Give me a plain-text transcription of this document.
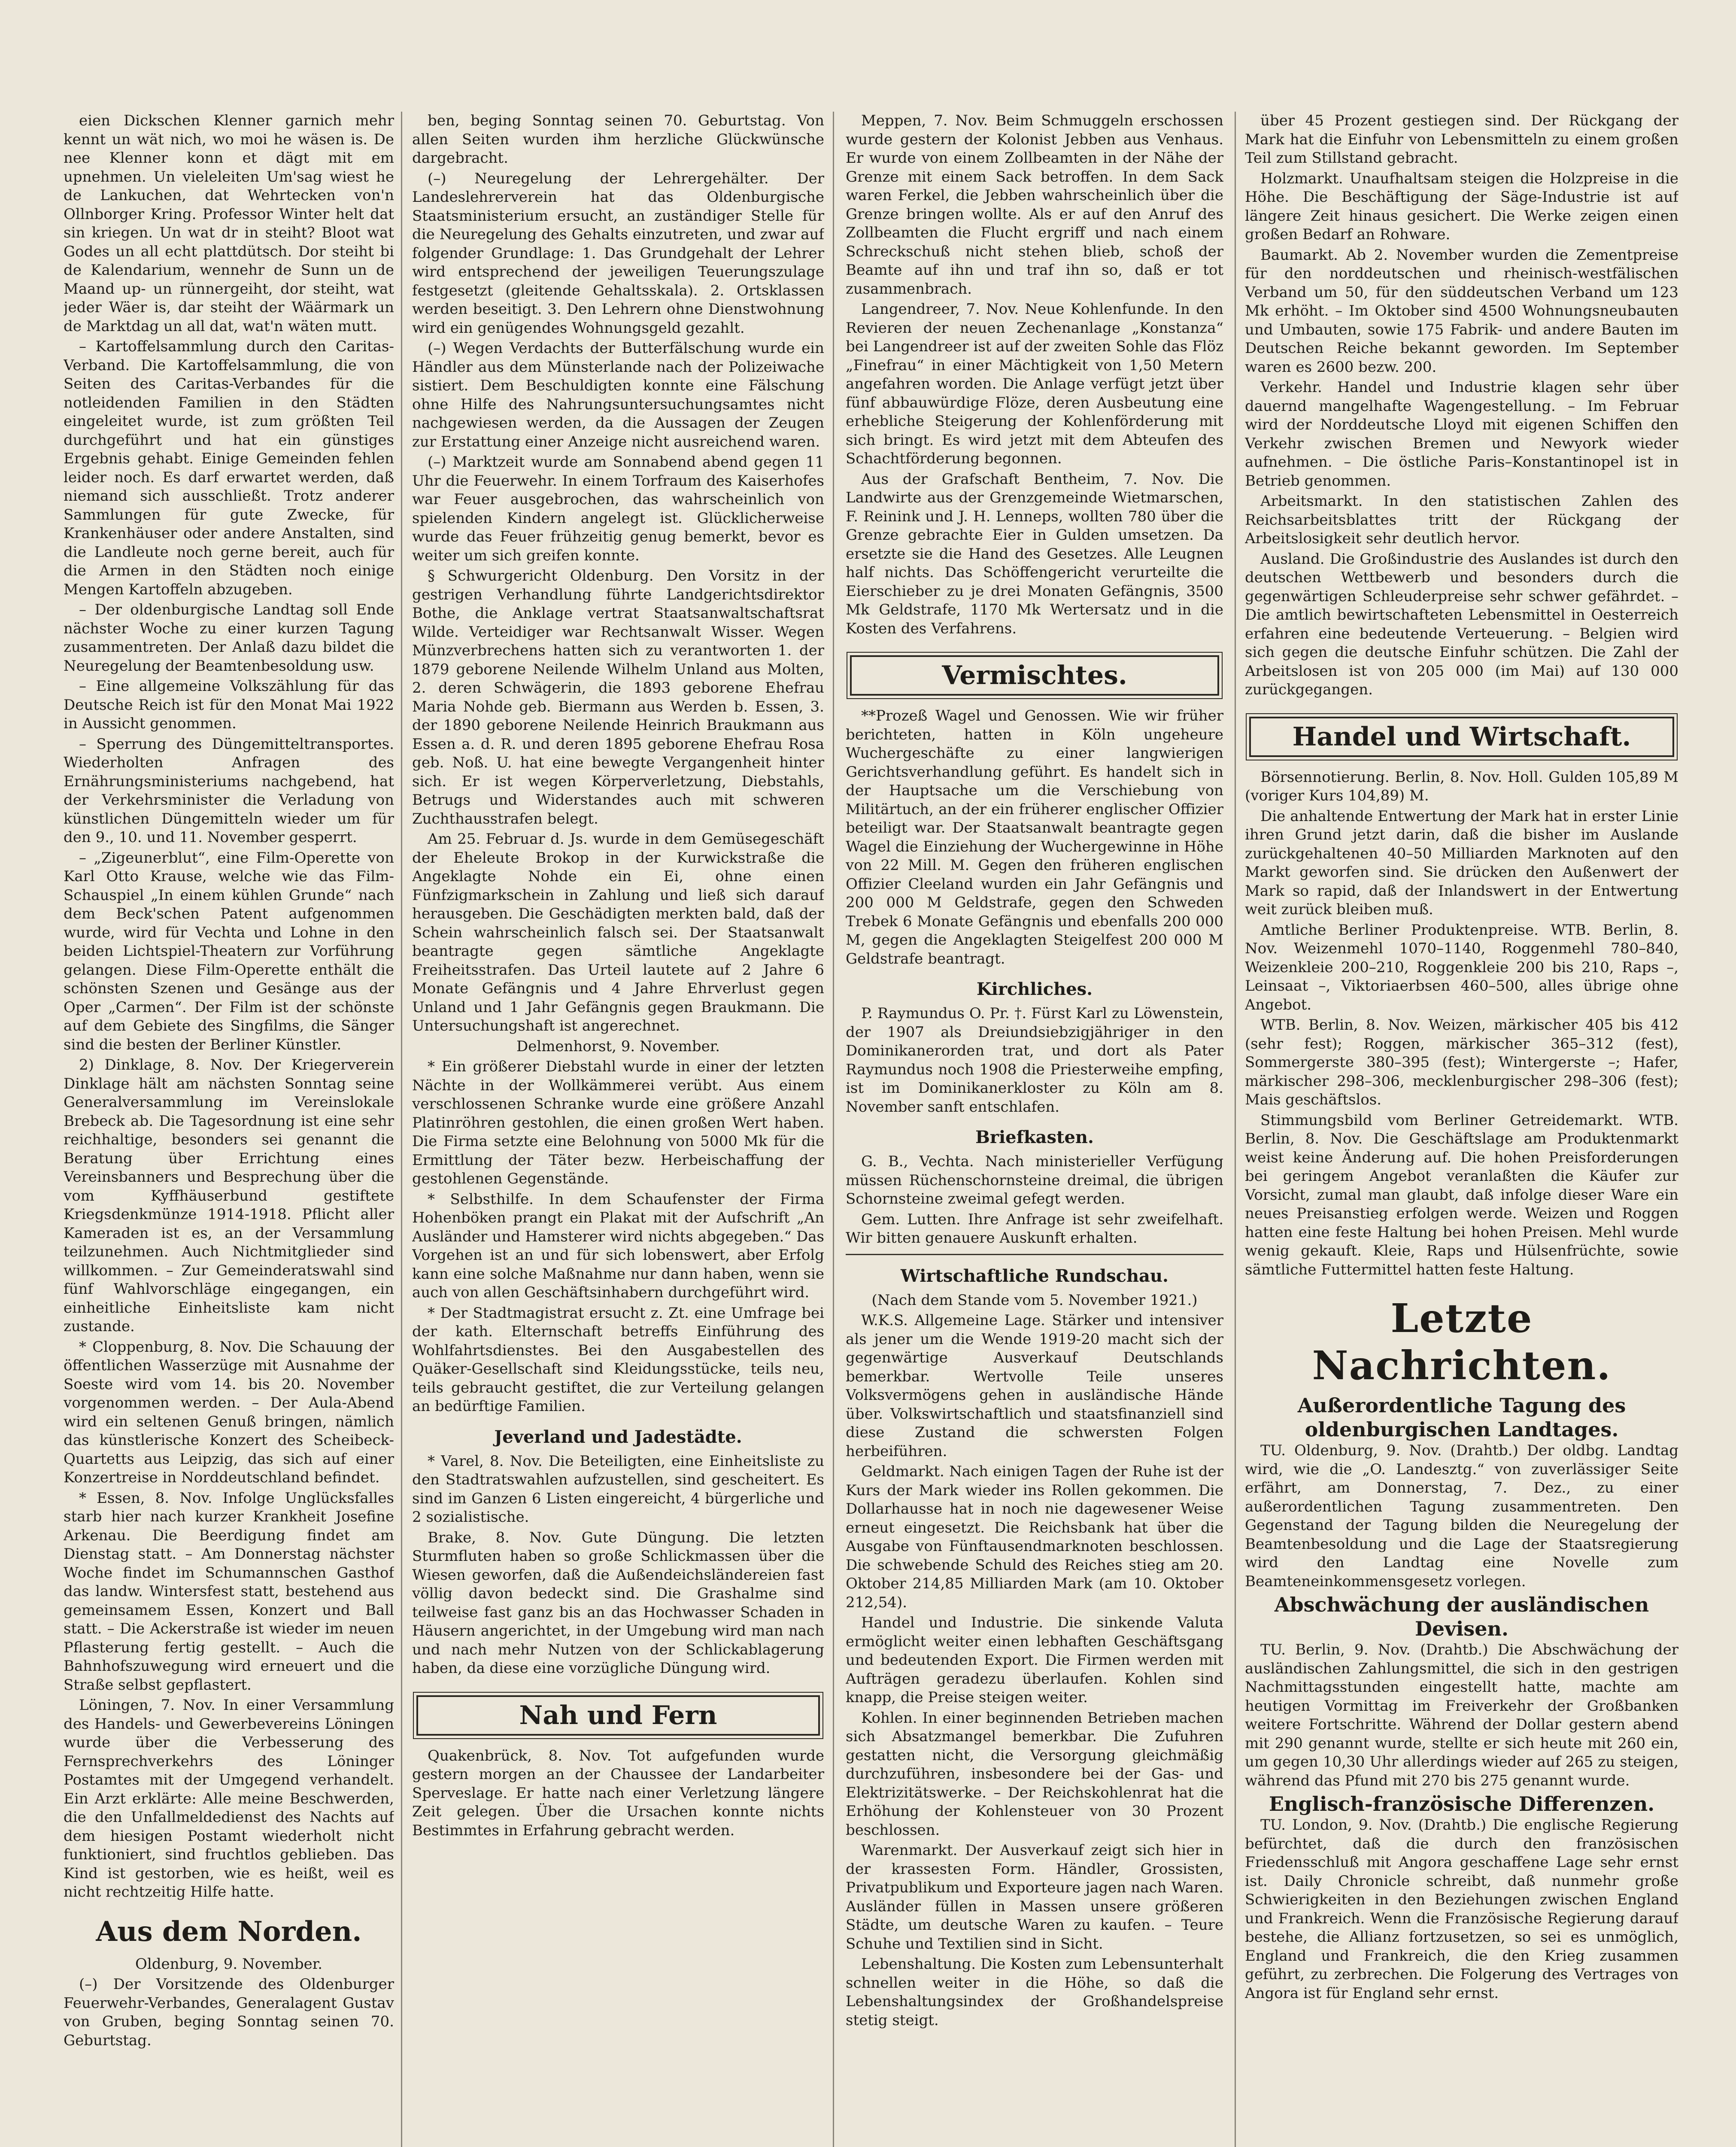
eien Dickschen Klenner garnich mehr kennt un wät nich, wo moi he wäsen is. De nee Klenner konn et dägt mit em upnehmen. Un vieleleiten Um'sag wiest he de Lankuchen, dat Wehrtecken von'n Ollnborger Kring. Professor Winter helt dat sin kriegen. Un wat dr in steiht? Bloot wat Godes un all echt plattdütsch. Dor steiht bi de Kalendarium, wennehr de Sunn un de Maand up- un rünnergeiht, dor steiht, wat jeder Wäer is, dar steiht der Wäärmark un de Marktdag un all dat, wat'n wäten mutt.

– Kartoffelsammlung durch den Caritas-Verband. Die Kartoffelsammlung, die von Seiten des Caritas-Verbandes für die notleidenden Familien in den Städten eingeleitet wurde, ist zum größten Teil durchgeführt und hat ein günstiges Ergebnis gehabt. Einige Gemeinden fehlen leider noch. Es darf erwartet werden, daß niemand sich ausschließt. Trotz anderer Sammlungen für gute Zwecke, für Krankenhäuser oder andere Anstalten, sind die Landleute noch gerne bereit, auch für die Armen in den Städten noch einige Mengen Kartoffeln abzugeben.

– Der oldenburgische Landtag soll Ende nächster Woche zu einer kurzen Tagung zusammentreten. Der Anlaß dazu bildet die Neuregelung der Beamtenbesoldung usw.

– Eine allgemeine Volkszählung für das Deutsche Reich ist für den Monat Mai 1922 in Aussicht genommen.

– Sperrung des Düngemitteltransportes. Wiederholten Anfragen des Ernährungsministeriums nachgebend, hat der Verkehrsminister die Verladung von künstlichen Düngemitteln wieder um für den 9., 10. und 11. November gesperrt.

– „Zigeunerblut“, eine Film-Operette von Karl Otto Krause, welche wie das Film-Schauspiel „In einem kühlen Grunde“ nach dem Beck'schen Patent aufgenommen wurde, wird für Vechta und Lohne in den beiden Lichtspiel-Theatern zur Vorführung gelangen. Diese Film-Operette enthält die schönsten Szenen und Gesänge aus der Oper „Carmen“. Der Film ist der schönste auf dem Gebiete des Singfilms, die Sänger sind die besten der Berliner Künstler.

2) Dinklage, 8. Nov. Der Kriegerverein Dinklage hält am nächsten Sonntag seine Generalversammlung im Vereinslokale Brebeck ab. Die Tagesordnung ist eine sehr reichhaltige, besonders sei genannt die Beratung über Errichtung eines Vereinsbanners und Besprechung über die vom Kyffhäuserbund gestiftete Kriegsdenkmünze 1914-1918. Pflicht aller Kameraden ist es, an der Versammlung teilzunehmen. Auch Nichtmitglieder sind willkommen. – Zur Gemeinderatswahl sind fünf Wahlvorschläge eingegangen, ein einheitliche Einheitsliste kam nicht zustande.

* Cloppenburg, 8. Nov. Die Schauung der öffentlichen Wasserzüge mit Ausnahme der Soeste wird vom 14. bis 20. November vorgenommen werden. – Der Aula-Abend wird ein seltenen Genuß bringen, nämlich das künstlerische Konzert des Scheibeck-Quartetts aus Leipzig, das sich auf einer Konzertreise in Norddeutschland befindet.

* Essen, 8. Nov. Infolge Unglücksfalles starb hier nach kurzer Krankheit Josefine Arkenau. Die Beerdigung findet am Dienstag statt. – Am Donnerstag nächster Woche findet im Schumannschen Gasthof das landw. Wintersfest statt, bestehend aus gemeinsamem Essen, Konzert und Ball statt. – Die Ackerstraße ist wieder im neuen Pflasterung fertig gestellt. – Auch die Bahnhofszuwegung wird erneuert und die Straße selbst gepflastert.

Löningen, 7. Nov. In einer Versammlung des Handels- und Gewerbevereins Löningen wurde über die Verbesserung des Fernsprechverkehrs des Löninger Postamtes mit der Umgegend verhandelt. Ein Arzt erklärte: Alle meine Beschwerden, die den Unfallmeldedienst des Nachts auf dem hiesigen Postamt wiederholt nicht funktioniert, sind fruchtlos geblieben. Das Kind ist gestorben, wie es heißt, weil es nicht rechtzeitig Hilfe hatte.

Aus dem Norden.
Oldenburg, 9. November.

(–) Der Vorsitzende des Oldenburger Feuerwehr-Verbandes, Generalagent Gustav von Gruben, beging Sonntag seinen 70. Geburtstag.

ben, beging Sonntag seinen 70. Geburtstag. Von allen Seiten wurden ihm herzliche Glückwünsche dargebracht.

(–) Neuregelung der Lehrergehälter. Der Landeslehrerverein hat das Oldenburgische Staatsministerium ersucht, an zuständiger Stelle für die Neuregelung des Gehalts einzutreten, und zwar auf folgender Grundlage: 1. Das Grundgehalt der Lehrer wird entsprechend der jeweiligen Teuerungszulage festgesetzt (gleitende Gehaltsskala). 2. Ortsklassen werden beseitigt. 3. Den Lehrern ohne Dienstwohnung wird ein genügendes Wohnungsgeld gezahlt.

(–) Wegen Verdachts der Butterfälschung wurde ein Händler aus dem Münsterlande nach der Polizeiwache sistiert. Dem Beschuldigten konnte eine Fälschung ohne Hilfe des Nahrungsuntersuchungsamtes nicht nachgewiesen werden, da die Aussagen der Zeugen zur Erstattung einer Anzeige nicht ausreichend waren.

(–) Marktzeit wurde am Sonnabend abend gegen 11 Uhr die Feuerwehr. In einem Torfraum des Kaiserhofes war Feuer ausgebrochen, das wahrscheinlich von spielenden Kindern angelegt ist. Glücklicherweise wurde das Feuer frühzeitig genug bemerkt, bevor es weiter um sich greifen konnte.

§ Schwurgericht Oldenburg. Den Vorsitz in der gestrigen Verhandlung führte Landgerichtsdirektor Bothe, die Anklage vertrat Staatsanwaltschaftsrat Wilde. Verteidiger war Rechtsanwalt Wisser. Wegen Münzverbrechens hatten sich zu verantworten 1. der 1879 geborene Neilende Wilhelm Unland aus Molten, 2. deren Schwägerin, die 1893 geborene Ehefrau Maria Nohde geb. Biermann aus Werden b. Essen, 3. der 1890 geborene Neilende Heinrich Braukmann aus Essen a. d. R. und deren 1895 geborene Ehefrau Rosa geb. Noß. U. hat eine bewegte Vergangenheit hinter sich. Er ist wegen Körperverletzung, Diebstahls, Betrugs und Widerstandes auch mit schweren Zuchthausstrafen belegt.

Am 25. Februar d. Js. wurde in dem Gemüsegeschäft der Eheleute Brokop in der Kurwickstraße die Angeklagte Nohde ein Ei, ohne einen Fünfzigmarkschein in Zahlung und ließ sich darauf herausgeben. Die Geschädigten merkten bald, daß der Schein wahrscheinlich falsch sei. Der Staatsanwalt beantragte gegen sämtliche Angeklagte Freiheitsstrafen. Das Urteil lautete auf 2 Jahre 6 Monate Gefängnis und 4 Jahre Ehrverlust gegen Unland und 1 Jahr Gefängnis gegen Braukmann. Die Untersuchungshaft ist angerechnet.

Delmenhorst, 9. November.

* Ein größerer Diebstahl wurde in einer der letzten Nächte in der Wollkämmerei verübt. Aus einem verschlossenen Schranke wurde eine größere Anzahl Platinröhren gestohlen, die einen großen Wert haben. Die Firma setzte eine Belohnung von 5000 Mk für die Ermittlung der Täter bezw. Herbeischaffung der gestohlenen Gegenstände.

* Selbsthilfe. In dem Schaufenster der Firma Hohenböken prangt ein Plakat mit der Aufschrift „An Ausländer und Hamsterer wird nichts abgegeben.“ Das Vorgehen ist an und für sich lobenswert, aber Erfolg kann eine solche Maßnahme nur dann haben, wenn sie auch von allen Geschäftsinhabern durchgeführt wird.

* Der Stadtmagistrat ersucht z. Zt. eine Umfrage bei der kath. Elternschaft betreffs Einführung des Wohlfahrtsdienstes. Bei den Ausgabestellen des Quäker-Gesellschaft sind Kleidungsstücke, teils neu, teils gebraucht gestiftet, die zur Verteilung gelangen an bedürftige Familien.

Jeverland und Jadestädte.

* Varel, 8. Nov. Die Beteiligten, eine Einheitsliste zu den Stadtratswahlen aufzustellen, sind gescheitert. Es sind im Ganzen 6 Listen eingereicht, 4 bürgerliche und 2 sozialistische.

Brake, 8. Nov. Gute Düngung. Die letzten Sturmfluten haben so große Schlickmassen über die Wiesen geworfen, daß die Außendeichsländereien fast völlig davon bedeckt sind. Die Grashalme sind teilweise fast ganz bis an das Hochwasser Schaden in Häusern angerichtet, in der Umgebung wird man nach und nach mehr Nutzen von der Schlickablagerung haben, da diese eine vorzügliche Düngung wird.

Nah und Fern

Quakenbrück, 8. Nov. Tot aufgefunden wurde gestern morgen an der Chaussee der Landarbeiter Sperveslage. Er hatte nach einer Verletzung längere Zeit gelegen. Über die Ursachen konnte nichts Bestimmtes in Erfahrung gebracht werden.

Meppen, 7. Nov. Beim Schmuggeln erschossen wurde gestern der Kolonist Jebben aus Venhaus. Er wurde von einem Zollbeamten in der Nähe der Grenze mit einem Sack betroffen. In dem Sack waren Ferkel, die Jebben wahrscheinlich über die Grenze bringen wollte. Als er auf den Anruf des Zollbeamten die Flucht ergriff und nach einem Schreckschuß nicht stehen blieb, schoß der Beamte auf ihn und traf ihn so, daß er tot zusammenbrach.

Langendreer, 7. Nov. Neue Kohlenfunde. In den Revieren der neuen Zechenanlage „Konstanza“ bei Langendreer ist auf der zweiten Sohle das Flöz „Finefrau“ in einer Mächtigkeit von 1,50 Metern angefahren worden. Die Anlage verfügt jetzt über fünf abbauwürdige Flöze, deren Ausbeutung eine erhebliche Steigerung der Kohlenförderung mit sich bringt. Es wird jetzt mit dem Abteufen des Schachtförderung begonnen.

Aus der Grafschaft Bentheim, 7. Nov. Die Landwirte aus der Grenzgemeinde Wietmarschen, F. Reinink und J. H. Lenneps, wollten 780 über die Grenze gebrachte Eier in Gulden umsetzen. Da ersetzte sie die Hand des Gesetzes. Alle Leugnen half nichts. Das Schöffengericht verurteilte die Eierschieber zu je drei Monaten Gefängnis, 3500 Mk Geldstrafe, 1170 Mk Wertersatz und in die Kosten des Verfahrens.

Vermischtes.

**Prozeß Wagel und Genossen. Wie wir früher berichteten, hatten in Köln ungeheure Wuchergeschäfte zu einer langwierigen Gerichtsverhandlung geführt. Es handelt sich in der Hauptsache um die Verschiebung von Militärtuch, an der ein früherer englischer Offizier beteiligt war. Der Staatsanwalt beantragte gegen Wagel die Einziehung der Wuchergewinne in Höhe von 22 Mill. M. Gegen den früheren englischen Offizier Cleeland wurden ein Jahr Gefängnis und 200 000 M Geldstrafe, gegen den Schweden Trebek 6 Monate Gefängnis und ebenfalls 200 000 M, gegen die Angeklagten Steigelfest 200 000 M Geldstrafe beantragt.

Kirchliches.

P. Raymundus O. Pr. †. Fürst Karl zu Löwenstein, der 1907 als Dreiundsiebzigjähriger in den Dominikanerorden trat, und dort als Pater Raymundus noch 1908 die Priesterweihe empfing, ist im Dominikanerkloster zu Köln am 8. November sanft entschlafen.

Briefkasten.

G. B., Vechta. Nach ministerieller Verfügung müssen Rüchenschornsteine dreimal, die übrigen Schornsteine zweimal gefegt werden.

Gem. Lutten. Ihre Anfrage ist sehr zweifelhaft. Wir bitten genauere Auskunft erhalten.

Wirtschaftliche Rundschau.
(Nach dem Stande vom 5. November 1921.)

W.K.S. Allgemeine Lage. Stärker und intensiver als jener um die Wende 1919-20 macht sich der gegenwärtige Ausverkauf Deutschlands bemerkbar. Wertvolle Teile unseres Volksvermögens gehen in ausländische Hände über. Volkswirtschaftlich und staatsfinanziell sind diese Zustand die schwersten Folgen herbeiführen.

Geldmarkt. Nach einigen Tagen der Ruhe ist der Kurs der Mark wieder ins Rollen gekommen. Die Dollarhausse hat in noch nie dagewesener Weise erneut eingesetzt. Die Reichsbank hat über die Ausgabe von Fünftausendmarknoten beschlossen. Die schwebende Schuld des Reiches stieg am 20. Oktober 214,85 Milliarden Mark (am 10. Oktober 212,54).

Handel und Industrie. Die sinkende Valuta ermöglicht weiter einen lebhaften Geschäftsgang und bedeutenden Export. Die Firmen werden mit Aufträgen geradezu überlaufen. Kohlen sind knapp, die Preise steigen weiter.

Kohlen. In einer beginnenden Betrieben machen sich Absatzmangel bemerkbar. Die Zufuhren gestatten nicht, die Versorgung gleichmäßig durchzuführen, insbesondere bei der Gas- und Elektrizitätswerke. – Der Reichskohlenrat hat die Erhöhung der Kohlensteuer von 30 Prozent beschlossen.

Warenmarkt. Der Ausverkauf zeigt sich hier in der krassesten Form. Händler, Grossisten, Privatpublikum und Exporteure jagen nach Waren. Ausländer füllen in Massen unsere größeren Städte, um deutsche Waren zu kaufen. – Teure Schuhe und Textilien sind in Sicht.

Lebenshaltung. Die Kosten zum Lebensunterhalt schnellen weiter in die Höhe, so daß die Lebenshaltungsindex der Großhandelspreise stetig steigt.

über 45 Prozent gestiegen sind. Der Rückgang der Mark hat die Einfuhr von Lebensmitteln zu einem großen Teil zum Stillstand gebracht.

Holzmarkt. Unaufhaltsam steigen die Holzpreise in die Höhe. Die Beschäftigung der Säge-Industrie ist auf längere Zeit hinaus gesichert. Die Werke zeigen einen großen Bedarf an Rohware.

Baumarkt. Ab 2. November wurden die Zementpreise für den norddeutschen und rheinisch-westfälischen Verband um 50, für den süddeutschen Verband um 123 Mk erhöht. – Im Oktober sind 4500 Wohnungsneubauten und Umbauten, sowie 175 Fabrik- und andere Bauten im Deutschen Reiche bekannt geworden. Im September waren es 2600 bezw. 200.

Verkehr. Handel und Industrie klagen sehr über dauernd mangelhafte Wagengestellung. – Im Februar wird der Norddeutsche Lloyd mit eigenen Schiffen den Verkehr zwischen Bremen und Newyork wieder aufnehmen. – Die östliche Paris–Konstantinopel ist in Betrieb genommen.

Arbeitsmarkt. In den statistischen Zahlen des Reichsarbeitsblattes tritt der Rückgang der Arbeitslosigkeit sehr deutlich hervor.

Ausland. Die Großindustrie des Auslandes ist durch den deutschen Wettbewerb und besonders durch die gegenwärtigen Schleuderpreise sehr schwer gefährdet. – Die amtlich bewirtschafteten Lebensmittel in Oesterreich erfahren eine bedeutende Verteuerung. – Belgien wird sich gegen die deutsche Einfuhr schützen. Die Zahl der Arbeitslosen ist von 205 000 (im Mai) auf 130 000 zurückgegangen.

Handel und Wirtschaft.

Börsennotierung. Berlin, 8. Nov. Holl. Gulden 105,89 M (voriger Kurs 104,89) M.

Die anhaltende Entwertung der Mark hat in erster Linie ihren Grund jetzt darin, daß die bisher im Auslande zurückgehaltenen 40–50 Milliarden Marknoten auf den Markt geworfen sind. Sie drücken den Außenwert der Mark so rapid, daß der Inlandswert in der Entwertung weit zurück bleiben muß.

Amtliche Berliner Produktenpreise. WTB. Berlin, 8. Nov. Weizenmehl 1070–1140, Roggenmehl 780–840, Weizenkleie 200–210, Roggenkleie 200 bis 210, Raps –, Leinsaat –, Viktoriaerbsen 460–500, alles übrige ohne Angebot.

WTB. Berlin, 8. Nov. Weizen, märkischer 405 bis 412 (sehr fest); Roggen, märkischer 365–312 (fest), Sommergerste 380–395 (fest); Wintergerste –; Hafer, märkischer 298–306, mecklenburgischer 298–306 (fest); Mais geschäftslos.

Stimmungsbild vom Berliner Getreidemarkt. WTB. Berlin, 8. Nov. Die Geschäftslage am Produktenmarkt weist keine Änderung auf. Die hohen Preisforderungen bei geringem Angebot veranlaßten die Käufer zur Vorsicht, zumal man glaubt, daß infolge dieser Ware ein neues Preisanstieg erfolgen werde. Weizen und Roggen hatten eine feste Haltung bei hohen Preisen. Mehl wurde wenig gekauft. Kleie, Raps und Hülsenfrüchte, sowie sämtliche Futtermittel hatten feste Haltung.

Letzte Nachrichten.
Außerordentliche Tagung des oldenburgischen Landtages.

TU. Oldenburg, 9. Nov. (Drahtb.) Der oldbg. Landtag wird, wie die „O. Landesztg.“ von zuverlässiger Seite erfährt, am Donnerstag, 7. Dez., zu einer außerordentlichen Tagung zusammentreten. Den Gegenstand der Tagung bilden die Neuregelung der Beamtenbesoldung und die Lage der Staatsregierung wird den Landtag eine Novelle zum Beamteneinkommensgesetz vorlegen.

Abschwächung der ausländischen Devisen.

TU. Berlin, 9. Nov. (Drahtb.) Die Abschwächung der ausländischen Zahlungsmittel, die sich in den gestrigen Nachmittagsstunden eingestellt hatte, machte am heutigen Vormittag im Freiverkehr der Großbanken weitere Fortschritte. Während der Dollar gestern abend mit 290 genannt wurde, stellte er sich heute mit 260 ein, um gegen 10,30 Uhr allerdings wieder auf 265 zu steigen, während das Pfund mit 270 bis 275 genannt wurde.

Englisch-französische Differenzen.

TU. London, 9. Nov. (Drahtb.) Die englische Regierung befürchtet, daß die durch den französischen Friedensschluß mit Angora geschaffene Lage sehr ernst ist. Daily Chronicle schreibt, daß nunmehr große Schwierigkeiten in den Beziehungen zwischen England und Frankreich. Wenn die Französische Regierung darauf bestehe, die Allianz fortzusetzen, so sei es unmöglich, England und Frankreich, die den Krieg zusammen geführt, zu zerbrechen. Die Folgerung des Vertrages von Angora ist für England sehr ernst.
